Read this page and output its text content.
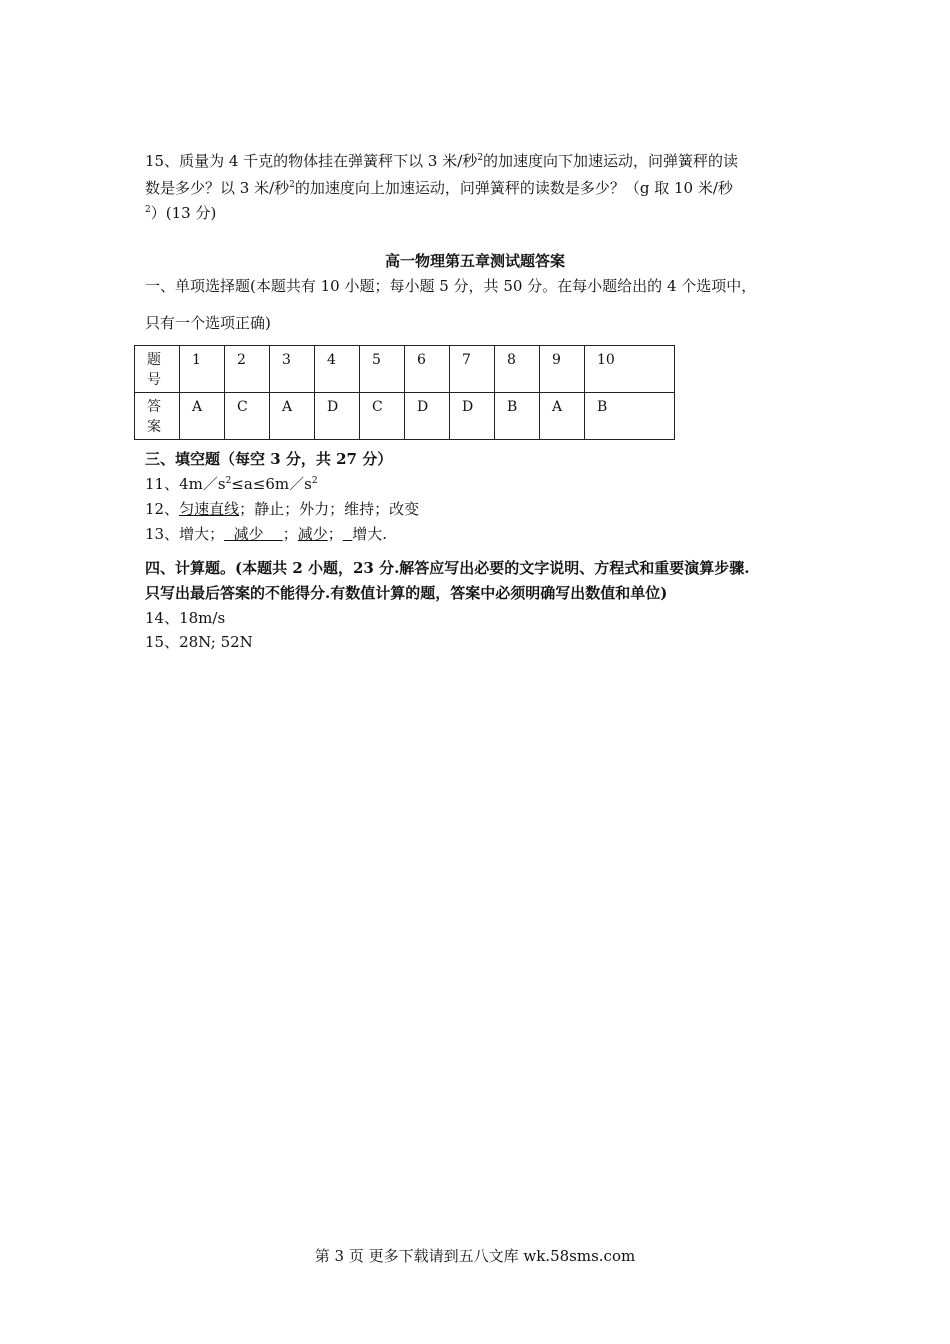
15、质量为 4 千克的物体挂在弹簧秤下以 3 米/秒$^2$的加速度向下加速运动，问弹簧秤的读
数是多少？以 3 米/秒$^2$的加速度向上加速运动，问弹簧秤的读数是多少？（g 取 10 米/秒
$^2$）(13 分)
高一物理第五章测试题答案
一、单项选择题(本题共有 10 小题；每小题 5 分，共 50 分。在每小题给出的 4 个选项中，
只有一个选项正确)
题
号	1	2	3	4	5	6	7	8	9	10
答
案	A	C	A	D	C	D	D	B	A	B
三、填空题（每空 3 分，共 27 分）
11、$4m/s^2\le a\le 6m/s^2$
12、匀速直线；静止；外力；维持；改变
13、增大；  减少    ；减少； 增大.
四、计算题。(本题共 2 小题，23 分.解答应写出必要的文字说明、方程式和重要演算步骤.
只写出最后答案的不能得分.有数值计算的题，答案中必须明确写出数值和单位)
14、18m/s
15、28N; 52N
第 3 页 更多下载请到五八文库 wk.58sms.com
